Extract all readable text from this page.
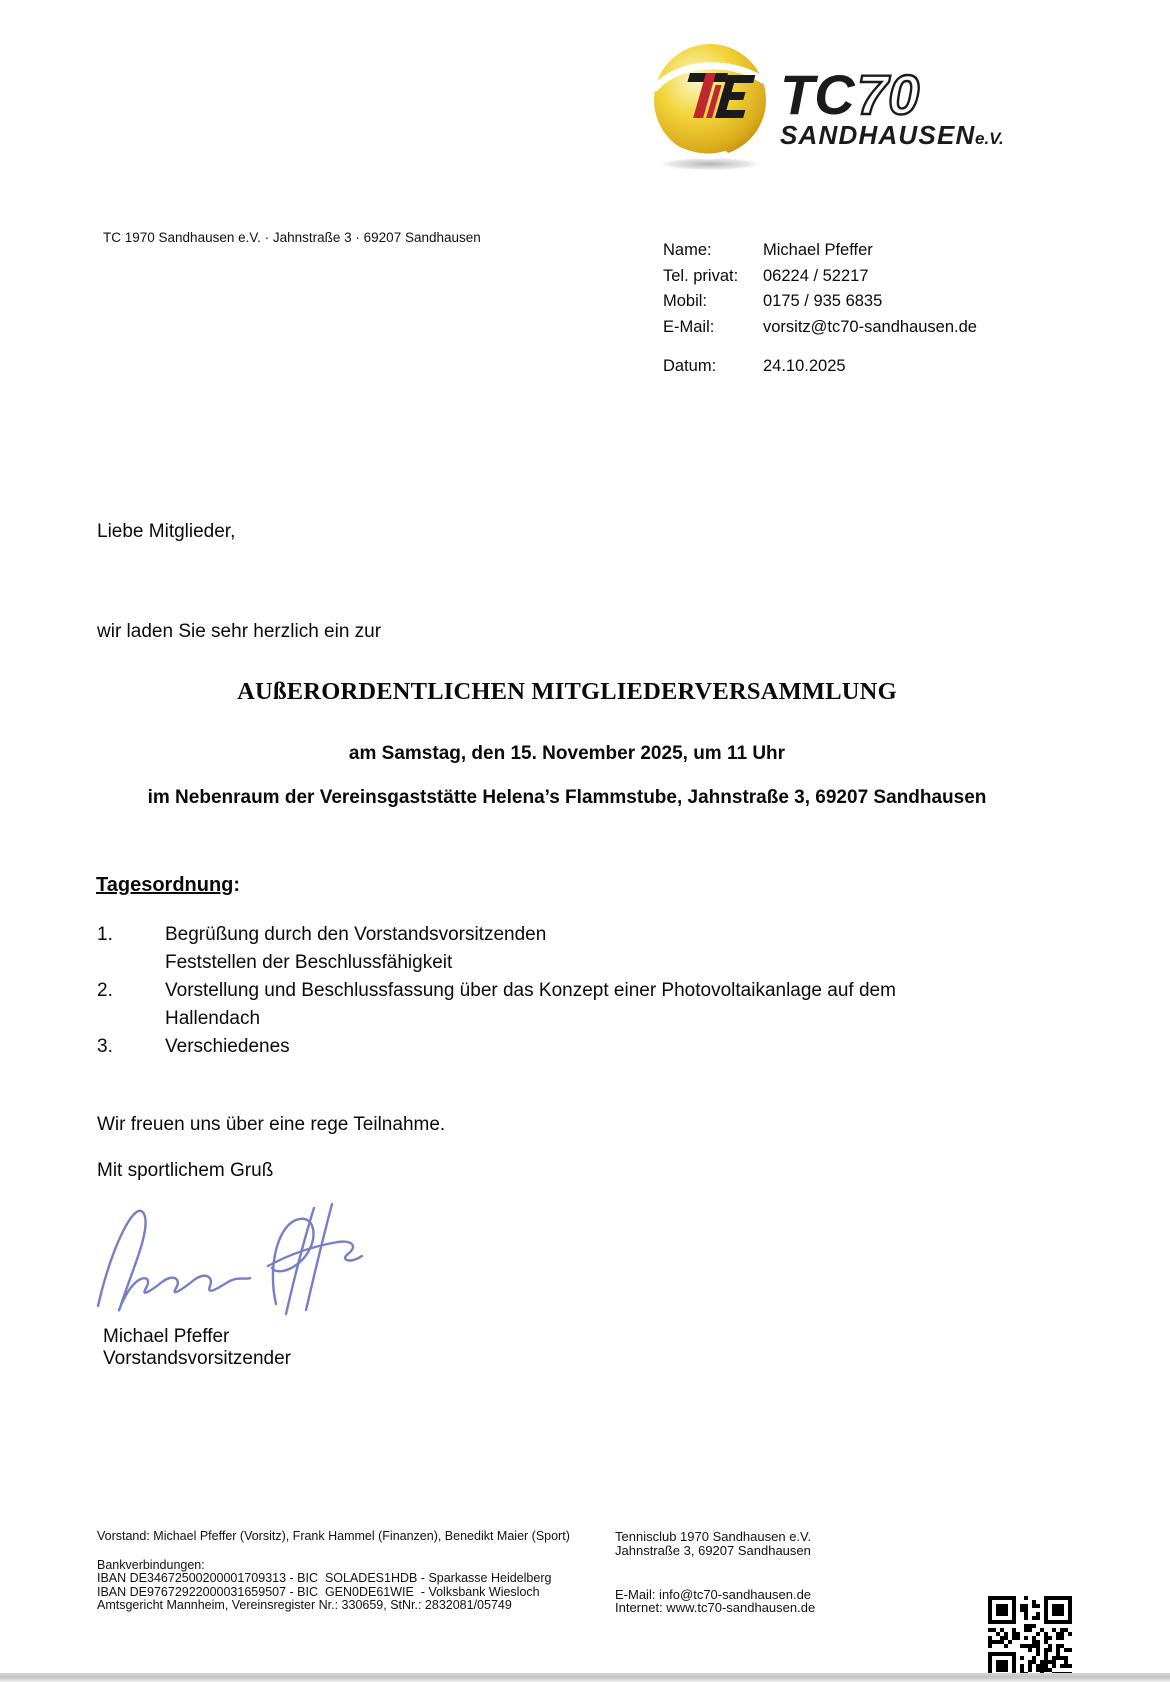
TC 70
SANDHAUSEN e.V.
TC 1970 Sandhausen e.V. · Jahnstraße 3 · 69207 Sandhausen
Name:	Michael Pfeffer
Tel. privat:	06224 / 52217
Mobil:	0175 / 935 6835
E-Mail:	vorsitz@tc70-sandhausen.de
Datum:	24.10.2025
Liebe Mitglieder,
wir laden Sie sehr herzlich ein zur
AUßERORDENTLICHEN MITGLIEDERVERSAMMLUNG
am Samstag, den 15. November 2025, um 11 Uhr
im Nebenraum der Vereinsgaststätte Helena’s Flammstube, Jahnstraße 3, 69207 Sandhausen
Tagesordnung:
1.	Begrüßung durch den Vorstandsvorsitzenden
Feststellen der Beschlussfähigkeit
2.	Vorstellung und Beschlussfassung über das Konzept einer Photovoltaikanlage auf dem
Hallendach
3.	Verschiedenes
Wir freuen uns über eine rege Teilnahme.
Mit sportlichem Gruß
Michael Pfeffer
Vorstandsvorsitzender
Vorstand: Michael Pfeffer (Vorsitz), Frank Hammel (Finanzen), Benedikt Maier (Sport)
Bankverbindungen:
IBAN DE34672500200001709313 - BIC  SOLADES1HDB - Sparkasse Heidelberg
IBAN DE97672922000031659507 - BIC  GEN0DE61WIE  - Volksbank Wiesloch
Amtsgericht Mannheim, Vereinsregister Nr.: 330659, StNr.: 2832081/05749
Tennisclub 1970 Sandhausen e.V.
Jahnstraße 3, 69207 Sandhausen
E-Mail: info@tc70-sandhausen.de
Internet: www.tc70-sandhausen.de
